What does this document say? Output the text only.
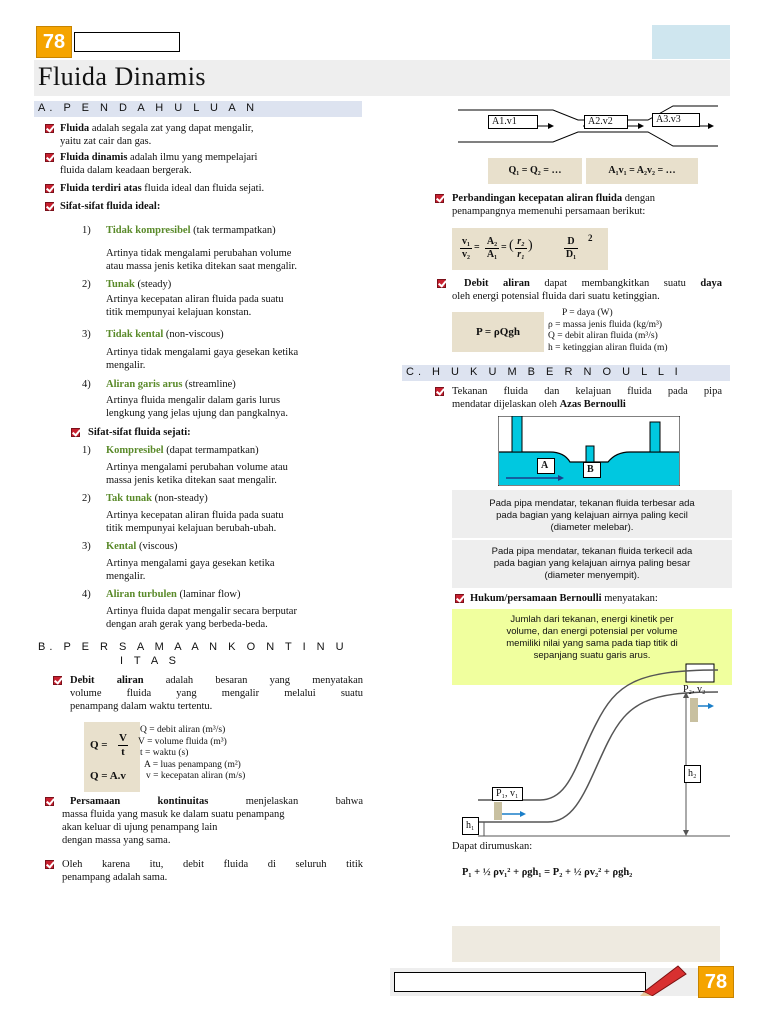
78
Fluida Dinamis
A. P E N D A H U L U A N
Fluida adalah segala zat yang dapat mengalir,
yaitu zat cair dan gas.
Fluida dinamis adalah ilmu yang mempelajari
fluida dalam keadaan bergerak.
Fluida terdiri atas fluida ideal dan fluida sejati.
Sifat-sifat fluida ideal:
1) Tidak kompresibel (tak termampatkan)
Artinya tidak mengalami perubahan volume
atau massa jenis ketika ditekan saat mengalir.
2) Tunak (steady)
Artinya kecepatan aliran fluida pada suatu
titik mempunyai kelajuan konstan.
3) Tidak kental (non-viscous)
Artinya tidak mengalami gaya gesekan ketika
mengalir.
4) Aliran garis arus (streamline)
Artinya fluida mengalir dalam garis lurus
lengkung yang jelas ujung dan pangkalnya.
Sifat-sifat fluida sejati:
1) Kompresibel (dapat termampatkan)
Artinya mengalami perubahan volume atau
massa jenis ketika ditekan saat mengalir.
2) Tak tunak (non-steady)
Artinya kecepatan aliran fluida pada suatu
titik mempunyai kelajuan berubah-ubah.
3) Kental (viscous)
Artinya mengalami gaya gesekan ketika
mengalir.
4) Aliran turbulen (laminar flow)
Artinya fluida dapat mengalir secara berputar
dengan arah gerak yang berbeda-beda.
B. P E R S A M A A N K O N T I N U
I T A S
Debit aliran adalah besaran yang menyatakan
volume fluida yang mengalir melalui suatu
penampang dalam waktu tertentu.
Q =
V
t
Q = A.v
Q = debit aliran (m³/s)
V = volume fluida (m³)
t = waktu (s)
A = luas penampang (m²)
v = kecepatan aliran (m/s)
Persamaan kontinuitas	menjelaskan bahwa
massa fluida yang masuk ke dalam suatu penampang
akan keluar di ujung penampang lain
dengan massa yang sama.
Oleh karena itu, debit fluida di seluruh titik
penampang adalah sama.
A1.v1	A2.v2	A3.v3
Q₁ = Q₂ = …	A₁v₁ = A₂v₂ = …
Perbandingan kecepatan aliran fluida dengan
penampangnya memenuhi persamaan berikut:
v₁
v₂
=
A₂
A₁
= ( r₂
r₁
)	D
D₁
2
Debit aliran dapat membangkitkan suatu daya
oleh energi potensial fluida dari suatu ketinggian.
P = ρQgh
P = daya (W)
ρ = massa jenis fluida (kg/m³)
Q = debit aliran fluida (m³/s)
h = ketinggian aliran fluida (m)
C. H U K U M B E R N O U L L I
Tekanan fluida dan kelajuan fluida pada pipa
mendatar dijelaskan oleh Azas Bernoulli
A	B
Pada pipa mendatar, tekanan fluida terbesar ada
pada bagian yang kelajuan airnya paling kecil
(diameter melebar).
Pada pipa mendatar, tekanan fluida terkecil ada
pada bagian yang kelajuan airnya paling besar
(diameter menyempit).
Hukum/persamaan Bernoulli menyatakan:
Jumlah dari tekanan, energi kinetik per
volume, dan energi potensial per volume
memiliki nilai yang sama pada tiap titik di
sepanjang suatu garis arus.
P₂, v₂
P₁, v₁
h₂
h₁
Dapat dirumuskan:
P₁ + ½ ρv₁² + ρgh₁ = P₂ + ½ ρv₂² + ρgh₂
78
